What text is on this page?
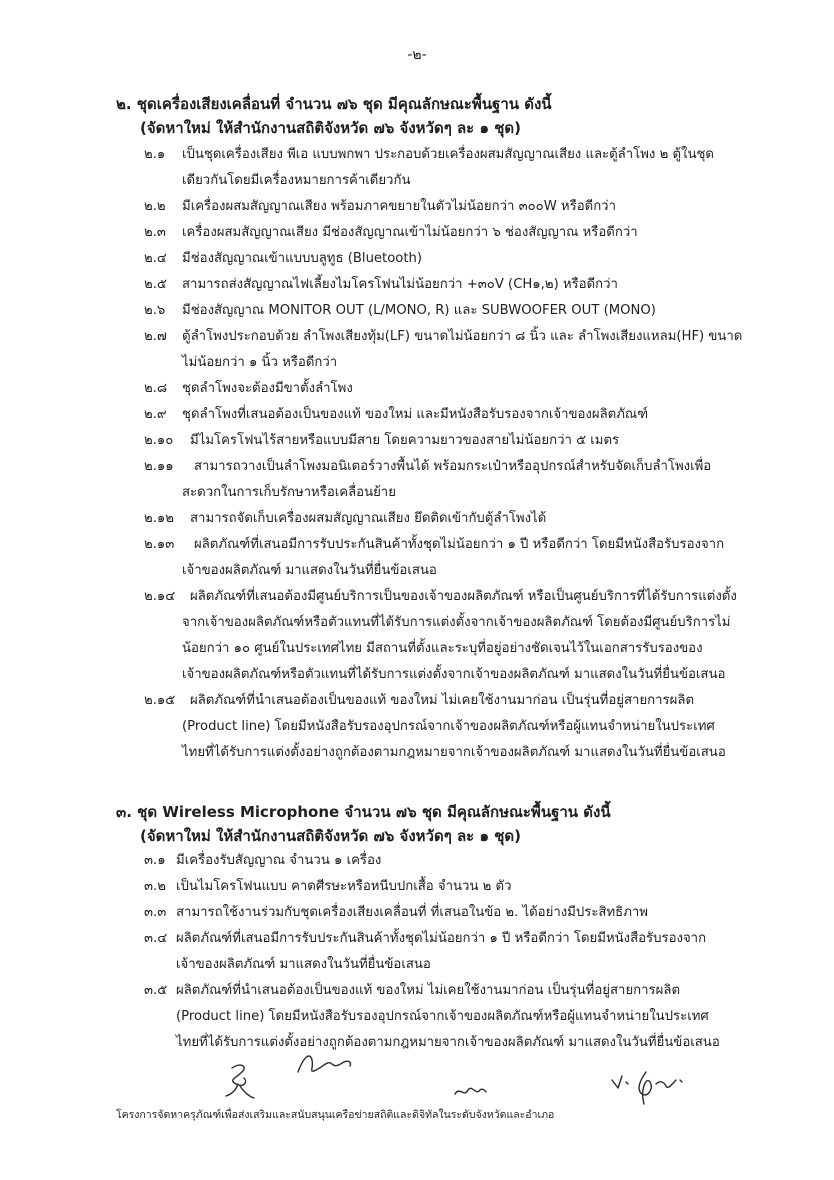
-๒-
๒. ชุดเครื่องเสียงเคลื่อนที่ จำนวน ๗๖ ชุด มีคุณลักษณะพื้นฐาน ดังนี้
(จัดหาใหม่ ให้สำนักงานสถิติจังหวัด ๗๖ จังหวัดๆ ละ ๑ ชุด)
๒.๑ เป็นชุดเครื่องเสียง พีเอ แบบพกพา ประกอบด้วยเครื่องผสมสัญญาณเสียง และตู้ลำโพง ๒ ตู้ในชุด
เดียวกันโดยมีเครื่องหมายการค้าเดียวกัน
๒.๒ มีเครื่องผสมสัญญาณเสียง พร้อมภาคขยายในตัวไม่น้อยกว่า ๓๐๐W หรือดีกว่า
๒.๓ เครื่องผสมสัญญาณเสียง มีช่องสัญญาณเข้าไม่น้อยกว่า ๖ ช่องสัญญาณ หรือดีกว่า
๒.๔ มีช่องสัญญาณเข้าแบบบลูทูธ (Bluetooth)
๒.๕ สามารถส่งสัญญาณไฟเลี้ยงไมโครโฟนไม่น้อยกว่า +๓๐V (CH๑,๒) หรือดีกว่า
๒.๖ มีช่องสัญญาณ MONITOR OUT (L/MONO, R) และ SUBWOOFER OUT (MONO)
๒.๗ ตู้ลำโพงประกอบด้วย ลำโพงเสียงทุ้ม(LF) ขนาดไม่น้อยกว่า ๘ นิ้ว และ ลำโพงเสียงแหลม(HF) ขนาด
ไม่น้อยกว่า ๑ นิ้ว หรือดีกว่า
๒.๘ ชุดลำโพงจะต้องมีขาตั้งลำโพง
๒.๙ ชุดลำโพงที่เสนอต้องเป็นของแท้ ของใหม่ และมีหนังสือรับรองจากเจ้าของผลิตภัณฑ์
๒.๑๐ มีไมโครโฟนไร้สายหรือแบบมีสาย โดยความยาวของสายไม่น้อยกว่า ๕ เมตร
๒.๑๑ สามารถวางเป็นลำโพงมอนิเตอร์วางพื้นได้ พร้อมกระเป๋าหรืออุปกรณ์สำหรับจัดเก็บลำโพงเพื่อ
สะดวกในการเก็บรักษาหรือเคลื่อนย้าย
๒.๑๒ สามารถจัดเก็บเครื่องผสมสัญญาณเสียง ยึดติดเข้ากับตู้ลำโพงได้
๒.๑๓ ผลิตภัณฑ์ที่เสนอมีการรับประกันสินค้าทั้งชุดไม่น้อยกว่า ๑ ปี หรือดีกว่า โดยมีหนังสือรับรองจาก
เจ้าของผลิตภัณฑ์ มาแสดงในวันที่ยื่นข้อเสนอ
๒.๑๔ ผลิตภัณฑ์ที่เสนอต้องมีศูนย์บริการเป็นของเจ้าของผลิตภัณฑ์ หรือเป็นศูนย์บริการที่ได้รับการแต่งตั้ง
จากเจ้าของผลิตภัณฑ์หรือตัวแทนที่ได้รับการแต่งตั้งจากเจ้าของผลิตภัณฑ์ โดยต้องมีศูนย์บริการไม่
น้อยกว่า ๑๐ ศูนย์ในประเทศไทย มีสถานที่ตั้งและระบุที่อยู่อย่างชัดเจนไว้ในเอกสารรับรองของ
เจ้าของผลิตภัณฑ์หรือตัวแทนที่ได้รับการแต่งตั้งจากเจ้าของผลิตภัณฑ์ มาแสดงในวันที่ยื่นข้อเสนอ
๒.๑๕ ผลิตภัณฑ์ที่นำเสนอต้องเป็นของแท้ ของใหม่ ไม่เคยใช้งานมาก่อน เป็นรุ่นที่อยู่สายการผลิต
(Product line) โดยมีหนังสือรับรองอุปกรณ์จากเจ้าของผลิตภัณฑ์หรือผู้แทนจำหน่ายในประเทศ
ไทยที่ได้รับการแต่งตั้งอย่างถูกต้องตามกฎหมายจากเจ้าของผลิตภัณฑ์ มาแสดงในวันที่ยื่นข้อเสนอ
๓. ชุด Wireless Microphone จำนวน ๗๖ ชุด มีคุณลักษณะพื้นฐาน ดังนี้
(จัดหาใหม่ ให้สำนักงานสถิติจังหวัด ๗๖ จังหวัดๆ ละ ๑ ชุด)
๓.๑ มีเครื่องรับสัญญาณ จำนวน ๑ เครื่อง
๓.๒ เป็นไมโครโฟนแบบ คาดศีรษะหรือหนีบปกเสื้อ จำนวน ๒ ตัว
๓.๓ สามารถใช้งานร่วมกับชุดเครื่องเสียงเคลื่อนที่ ที่เสนอในข้อ ๒. ได้อย่างมีประสิทธิภาพ
๓.๔ ผลิตภัณฑ์ที่เสนอมีการรับประกันสินค้าทั้งชุดไม่น้อยกว่า ๑ ปี หรือดีกว่า โดยมีหนังสือรับรองจาก
เจ้าของผลิตภัณฑ์ มาแสดงในวันที่ยื่นข้อเสนอ
๓.๕ ผลิตภัณฑ์ที่นำเสนอต้องเป็นของแท้ ของใหม่ ไม่เคยใช้งานมาก่อน เป็นรุ่นที่อยู่สายการผลิต
(Product line) โดยมีหนังสือรับรองอุปกรณ์จากเจ้าของผลิตภัณฑ์หรือผู้แทนจำหน่ายในประเทศ
ไทยที่ได้รับการแต่งตั้งอย่างถูกต้องตามกฎหมายจากเจ้าของผลิตภัณฑ์ มาแสดงในวันที่ยื่นข้อเสนอ
โครงการจัดหาครุภัณฑ์เพื่อส่งเสริมและสนับสนุนเครือข่ายสถิติและดิจิทัลในระดับจังหวัดและอำเภอ
